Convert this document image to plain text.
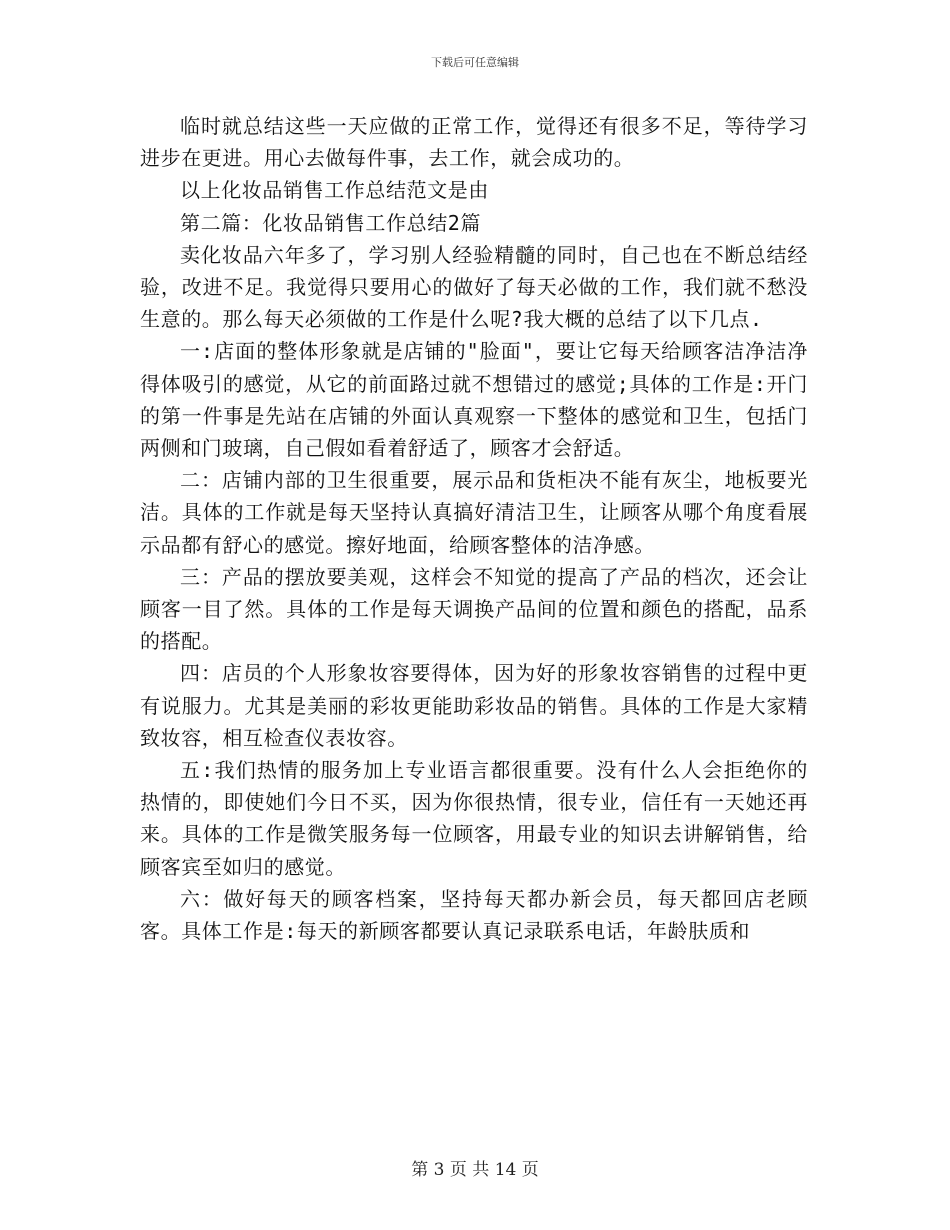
下载后可任意编辑

临时就总结这些一天应做的正常工作，觉得还有很多不足，等待学习进步在更进。用心去做每件事，去工作，就会成功的。

以上化妆品销售工作总结范文是由

第二篇：化妆品销售工作总结2篇

卖化妆品六年多了，学习别人经验精髓的同时，自己也在不断总结经验，改进不足。我觉得只要用心的做好了每天必做的工作，我们就不愁没生意的。那么每天必须做的工作是什么呢?我大概的总结了以下几点.

一:店面的整体形象就是店铺的"脸面"，要让它每天给顾客洁净洁净得体吸引的感觉，从它的前面路过就不想错过的感觉;具体的工作是:开门的第一件事是先站在店铺的外面认真观察一下整体的感觉和卫生，包括门两侧和门玻璃，自己假如看着舒适了，顾客才会舒适。

二：店铺内部的卫生很重要，展示品和货柜决不能有灰尘，地板要光洁。具体的工作就是每天坚持认真搞好清洁卫生，让顾客从哪个角度看展示品都有舒心的感觉。擦好地面，给顾客整体的洁净感。

三：产品的摆放要美观，这样会不知觉的提高了产品的档次，还会让顾客一目了然。具体的工作是每天调换产品间的位置和颜色的搭配，品系的搭配。

四：店员的个人形象妆容要得体，因为好的形象妆容销售的过程中更有说服力。尤其是美丽的彩妆更能助彩妆品的销售。具体的工作是大家精致妆容，相互检查仪表妆容。

五:我们热情的服务加上专业语言都很重要。没有什么人会拒绝你的热情的，即使她们今日不买，因为你很热情，很专业，信任有一天她还再来。具体的工作是微笑服务每一位顾客，用最专业的知识去讲解销售，给顾客宾至如归的感觉。

六：做好每天的顾客档案，坚持每天都办新会员，每天都回店老顾客。具体工作是:每天的新顾客都要认真记录联系电话，年龄肤质和

第 3 页 共 14 页
